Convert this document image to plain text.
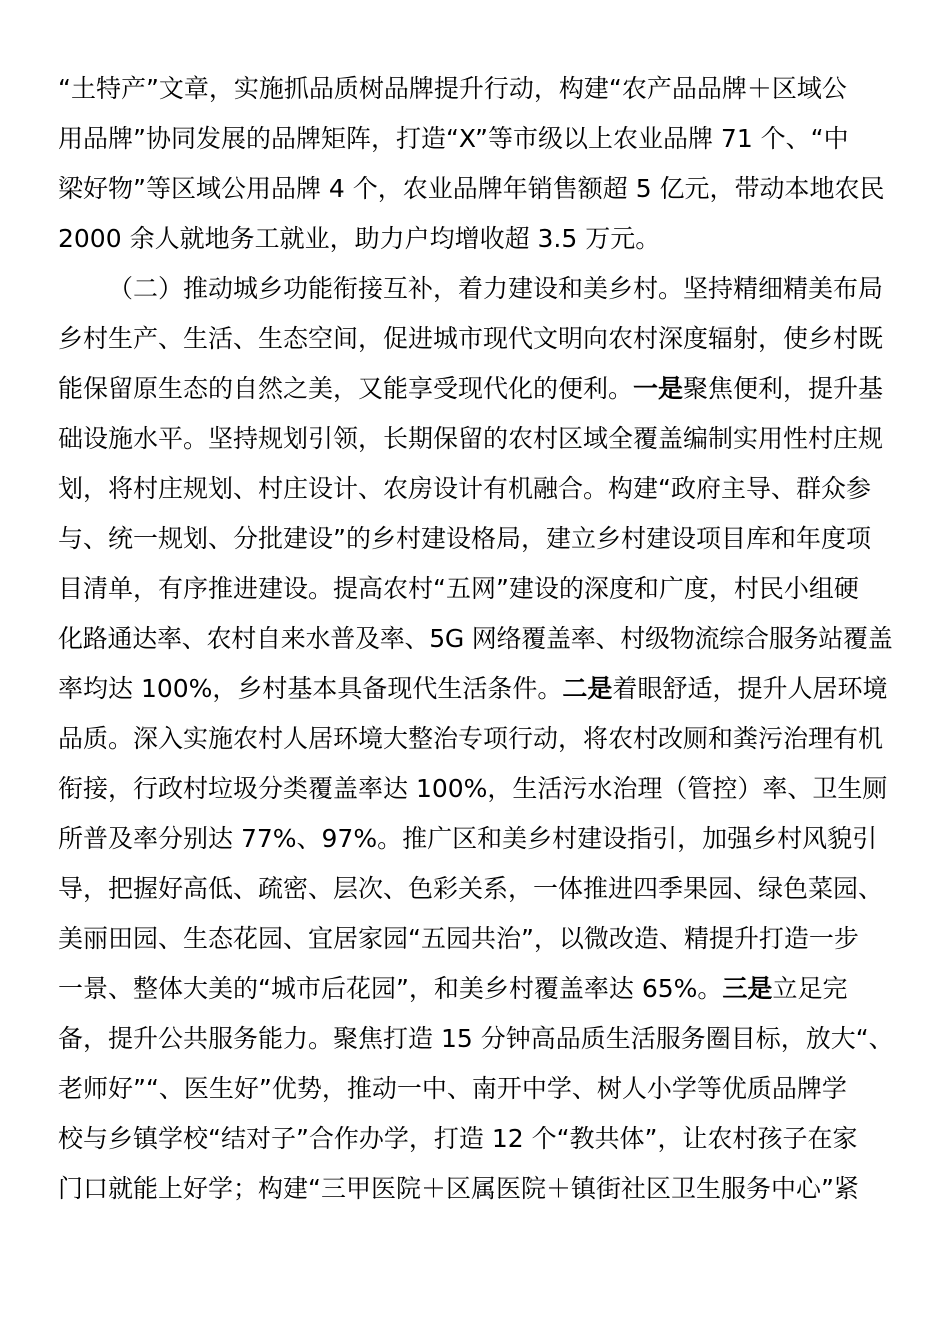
“土特产”文章，实施抓品质树品牌提升行动，构建“农产品品牌＋区域公
用品牌”协同发展的品牌矩阵，打造“X”等市级以上农业品牌 71 个、“中
梁好物”等区域公用品牌 4 个，农业品牌年销售额超 5 亿元，带动本地农民
2000 余人就地务工就业，助力户均增收超 3.5 万元。
（二）推动城乡功能衔接互补，着力建设和美乡村。坚持精细精美布局
乡村生产、生活、生态空间，促进城市现代文明向农村深度辐射，使乡村既
能保留原生态的自然之美，又能享受现代化的便利。一是聚焦便利，提升基
础设施水平。坚持规划引领，长期保留的农村区域全覆盖编制实用性村庄规
划，将村庄规划、村庄设计、农房设计有机融合。构建“政府主导、群众参
与、统一规划、分批建设”的乡村建设格局，建立乡村建设项目库和年度项
目清单，有序推进建设。提高农村“五网”建设的深度和广度，村民小组硬
化路通达率、农村自来水普及率、5G 网络覆盖率、村级物流综合服务站覆盖
率均达 100%，乡村基本具备现代生活条件。二是着眼舒适，提升人居环境
品质。深入实施农村人居环境大整治专项行动，将农村改厕和粪污治理有机
衔接，行政村垃圾分类覆盖率达 100%，生活污水治理（管控）率、卫生厕
所普及率分别达 77%、97%。推广区和美乡村建设指引，加强乡村风貌引
导，把握好高低、疏密、层次、色彩关系，一体推进四季果园、绿色菜园、
美丽田园、生态花园、宜居家园“五园共治”，以微改造、精提升打造一步
一景、整体大美的“城市后花园”，和美乡村覆盖率达 65%。三是立足完
备，提升公共服务能力。聚焦打造 15 分钟高品质生活服务圈目标，放大“、
老师好”“、医生好”优势，推动一中、南开中学、树人小学等优质品牌学
校与乡镇学校“结对子”合作办学，打造 12 个“教共体”，让农村孩子在家
门口就能上好学；构建“三甲医院＋区属医院＋镇街社区卫生服务中心”紧
